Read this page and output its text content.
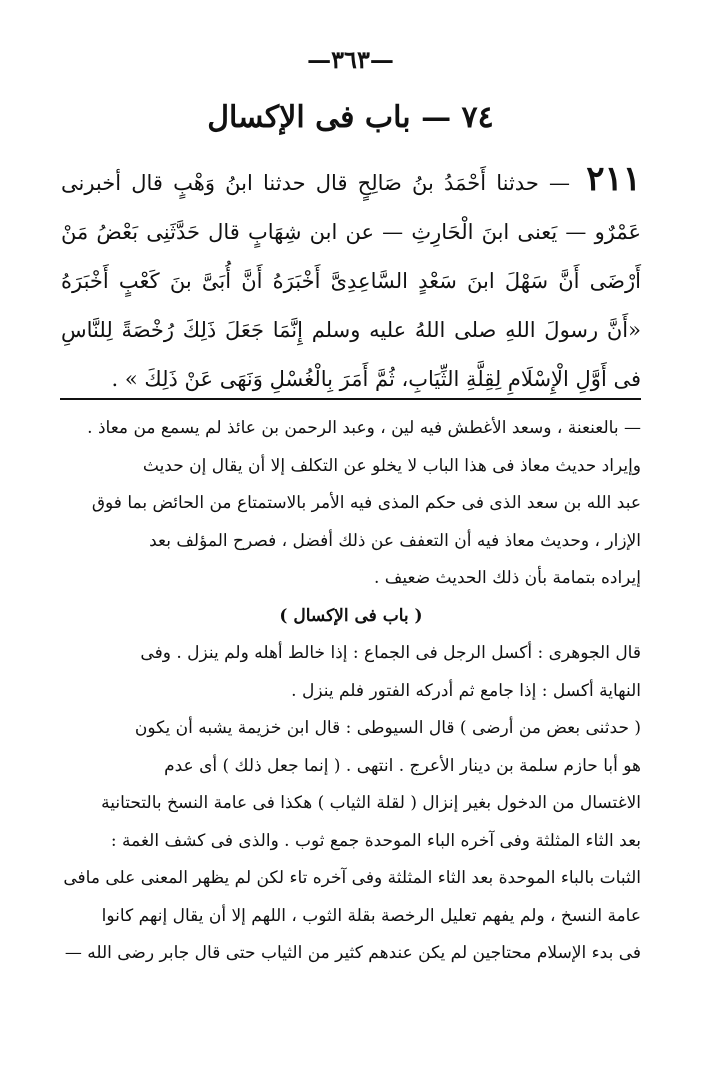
—٣٦٣—
٧٤ — باب فى الإكسال
٢١١ — حدثنا أَحْمَدُ بنُ صَالِحٍ قال حدثنا ابنُ وَهْبٍ قال أخبرنى عَمْرٌو — يَعنى ابنَ الْحَارِثِ — عن ابن شِهَابٍ قال حَدَّثَنِى بَعْضُ مَنْ أَرْضَى أَنَّ سَهْلَ ابنَ سَعْدٍ السَّاعِدِىَّ أَخْبَرَهُ أَنَّ أُبَىَّ بنَ كَعْبٍ أَخْبَرَهُ «أَنَّ رسولَ اللهِ صلى اللهُ عليه وسلم إِنَّمَا جَعَلَ ذَلِكَ رُخْصَةً لِلنَّاسِ فى أَوَّلِ الْإِسْلَامِ لِقِلَّةِ الثِّيَابِ، ثُمَّ أَمَرَ بِالْغُسْلِ وَنَهَى عَنْ ذَلِكَ » .
— بالعنعنة ، وسعد الأغطش فيه لين ، وعبد الرحمن بن عائذ لم يسمع من معاذ .
وإيراد حديث معاذ فى هذا الباب لا يخلو عن التكلف إلا أن يقال إن حديث
عبد الله بن سعد الذى فى حكم المذى فيه الأمر بالاستمتاع من الحائض بما فوق
الإزار ، وحديث معاذ فيه أن التعفف عن ذلك أفضل ، فصرح المؤلف بعد
إيراده بتمامة بأن ذلك الحديث ضعيف .
( باب فى الإكسال )
قال الجوهرى : أكسل الرجل فى الجماع : إذا خالط أهله ولم ينزل . وفى
النهاية أكسل : إذا جامع ثم أدركه الفتور فلم ينزل .
( حدثنى بعض من أرضى ) قال السيوطى : قال ابن خزيمة يشبه أن يكون
هو أبا حازم سلمة بن دينار الأعرج . انتهى . ( إنما جعل ذلك ) أى عدم
الاغتسال من الدخول بغير إنزال ( لقلة الثياب ) هكذا فى عامة النسخ بالتحتانية
بعد الثاء المثلثة وفى آخره الباء الموحدة جمع ثوب . والذى فى كشف الغمة :
الثبات بالباء الموحدة بعد الثاء المثلثة وفى آخره تاء لكن لم يظهر المعنى على مافى
عامة النسخ ، ولم يفهم تعليل الرخصة بقلة الثوب ، اللهم إلا أن يقال إنهم كانوا
فى بدء الإسلام محتاجين لم يكن عندهم كثير من الثياب حتى قال جابر رضى الله —
